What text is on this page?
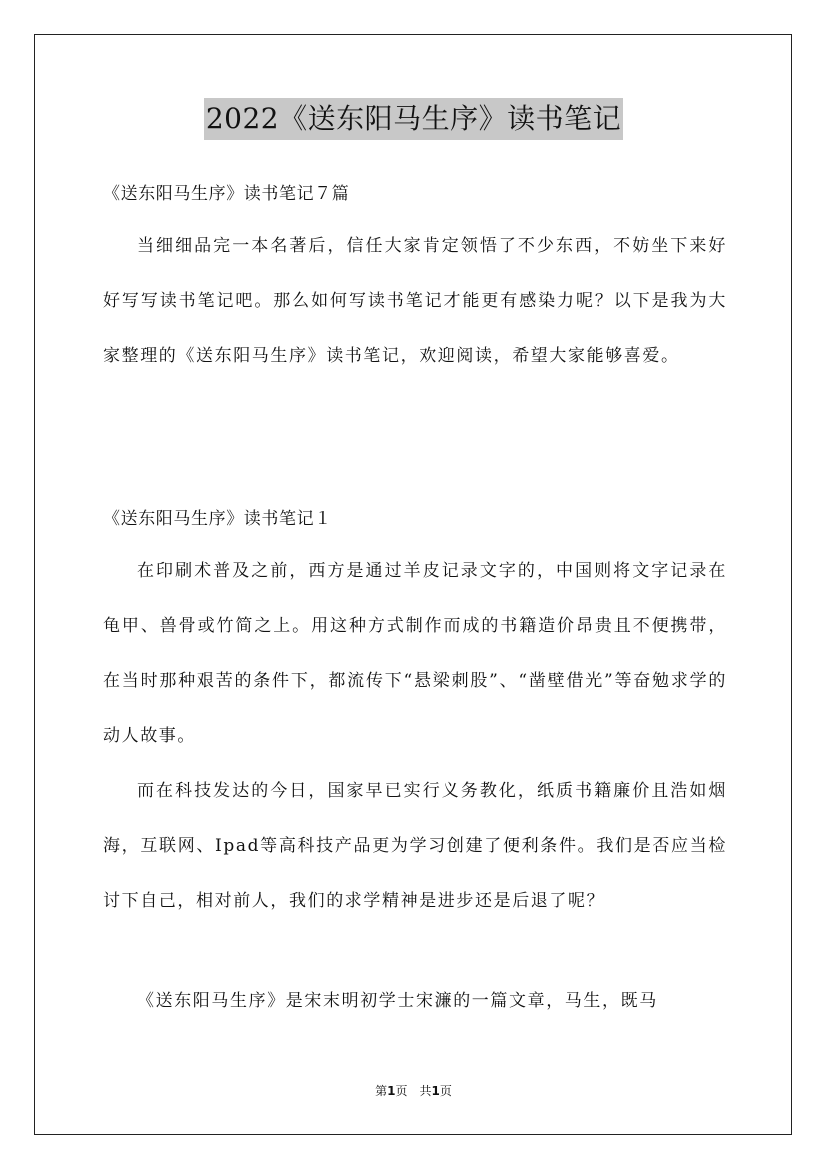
2022《送东阳马生序》读书笔记

《送东阳马生序》读书笔记７篇

当细细品完一本名著后，信任大家肯定领悟了不少东西，不妨坐下来好好写写读书笔记吧。那么如何写读书笔记才能更有感染力呢？以下是我为大家整理的《送东阳马生序》读书笔记，欢迎阅读，希望大家能够喜爱。

《送东阳马生序》读书笔记１

在印刷术普及之前，西方是通过羊皮记录文字的，中国则将文字记录在龟甲、兽骨或竹简之上。用这种方式制作而成的书籍造价昂贵且不便携带，在当时那种艰苦的条件下，都流传下“悬梁刺股”、“凿壁借光”等奋勉求学的动人故事。

而在科技发达的今日，国家早已实行义务教化，纸质书籍廉价且浩如烟海，互联网、Ipad等高科技产品更为学习创建了便利条件。我们是否应当检讨下自己，相对前人，我们的求学精神是进步还是后退了呢？

《送东阳马生序》是宋末明初学士宋濂的一篇文章，马生，既马

第1页　共1页
